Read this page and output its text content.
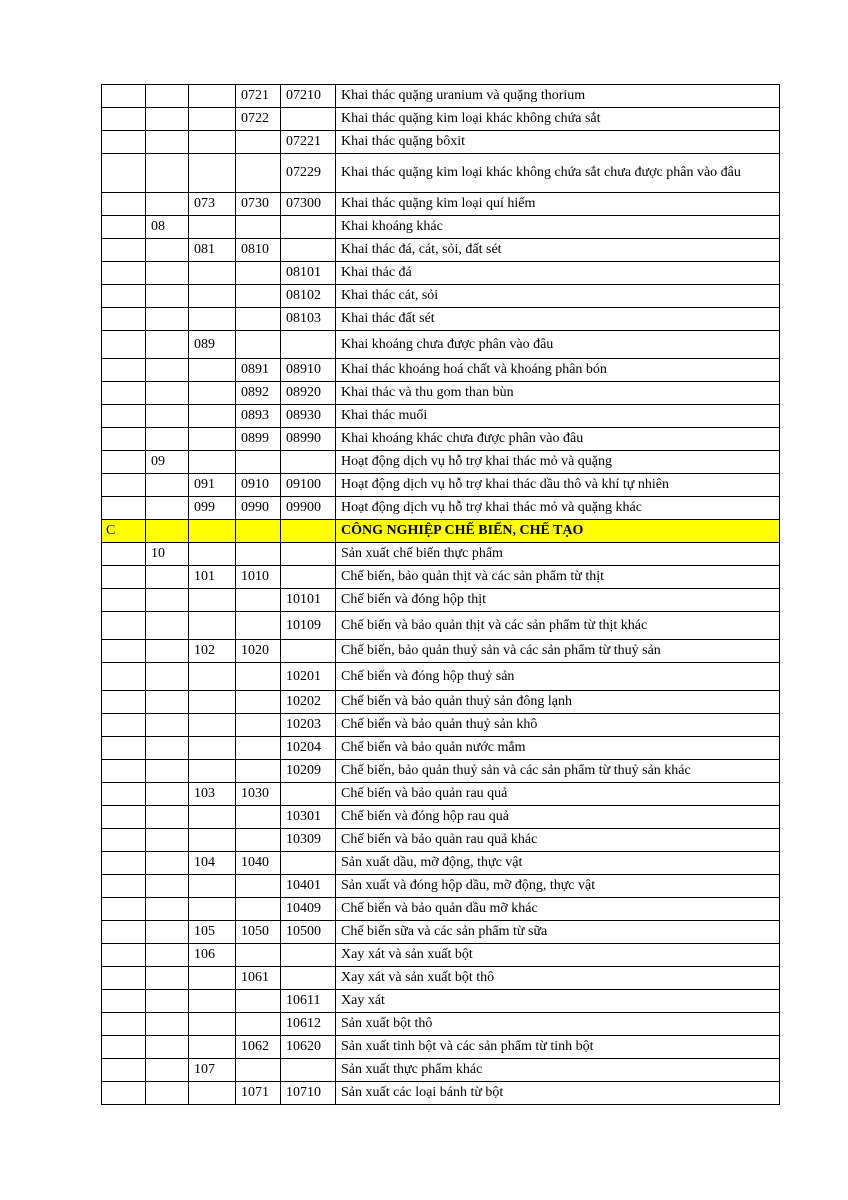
			0721	07210	Khai thác quặng uranium và quặng thorium
			0722		Khai thác quặng kim loại khác không chứa sắt
				07221	Khai thác quặng bôxit
				07229	Khai thác quặng kim loại khác không chứa sắt chưa được phân vào đâu
		073	0730	07300	Khai thác quặng kim loại quí hiếm
	08				Khai khoáng khác
		081	0810		Khai thác đá, cát, sỏi, đất sét
				08101	Khai thác đá
				08102	Khai thác cát, sỏi
				08103	Khai thác đất sét
		089			Khai khoáng chưa được phân vào đâu
			0891	08910	Khai thác khoáng hoá chất và khoáng phân bón
			0892	08920	Khai thác và thu gom than bùn
			0893	08930	Khai thác muối
			0899	08990	Khai khoáng khác chưa được phân vào đâu
	09				Hoạt động dịch vụ hỗ trợ khai thác mỏ và quặng
		091	0910	09100	Hoạt động dịch vụ hỗ trợ khai thác dầu thô và khí tự nhiên
		099	0990	09900	Hoạt động dịch vụ hỗ trợ khai thác mỏ và quặng khác
C					CÔNG NGHIỆP CHẾ BIẾN, CHẾ TẠO
	10				Sản xuất chế biến thực phẩm
		101	1010		Chế biến, bảo quản thịt và các sản phẩm từ thịt
				10101	Chế biến và đóng hộp thịt
				10109	Chế biến và bảo quản thịt và các sản phẩm từ thịt khác
		102	1020		Chế biến, bảo quản thuỷ sản và các sản phẩm từ thuỷ sản
				10201	Chế biến và đóng hộp thuỷ sản
				10202	Chế biến và bảo quản thuỷ sản đông lạnh
				10203	Chế biến và bảo quản thuỷ sản khô
				10204	Chế biến và bảo quản nước mắm
				10209	Chế biến, bảo quản thuỷ sản và các sản phẩm từ thuỷ sản khác
		103	1030		Chế biến và bảo quản rau quả
				10301	Chế biến và đóng hộp rau quả
				10309	Chế biến và bảo quản rau quả khác
		104	1040		Sản xuất dầu, mỡ động, thực vật
				10401	Sản xuất và đóng hộp dầu, mỡ động, thực vật
				10409	Chế biến và bảo quản dầu mỡ khác
		105	1050	10500	Chế biến sữa và các sản phẩm từ sữa
		106			Xay xát và sản xuất bột
			1061		Xay xát và sản xuất bột thô
				10611	Xay xát
				10612	Sản xuất bột thô
			1062	10620	Sản xuất tinh bột và các sản phẩm từ tinh bột
		107			Sản xuất thực phẩm khác
			1071	10710	Sản xuất các loại bánh từ bột
